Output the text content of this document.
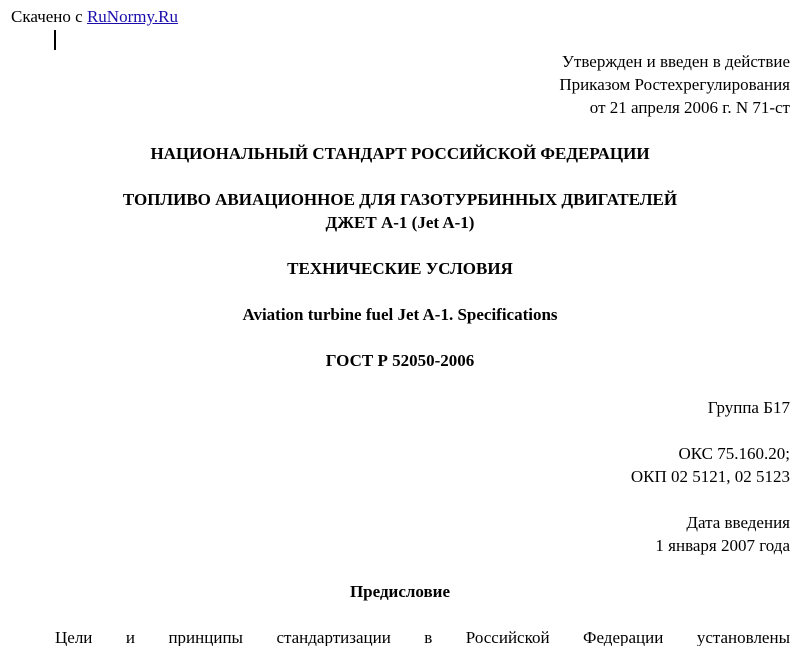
Скачено с RuNormy.Ru
Утвержден и введен в действие
Приказом Ростехрегулирования
от 21 апреля 2006 г. N 71-ст
НАЦИОНАЛЬНЫЙ СТАНДАРТ РОССИЙСКОЙ ФЕДЕРАЦИИ
ТОПЛИВО АВИАЦИОННОЕ ДЛЯ ГАЗОТУРБИННЫХ ДВИГАТЕЛЕЙ
ДЖЕТ А-1 (Jet A-1)
ТЕХНИЧЕСКИЕ УСЛОВИЯ
Aviation turbine fuel Jet A-1. Specifications
ГОСТ Р 52050-2006
Группа Б17
ОКС 75.160.20;
ОКП 02 5121, 02 5123
Дата введения
1 января 2007 года
Предисловие
Цели и принципы стандартизации в Российской Федерации установлены
